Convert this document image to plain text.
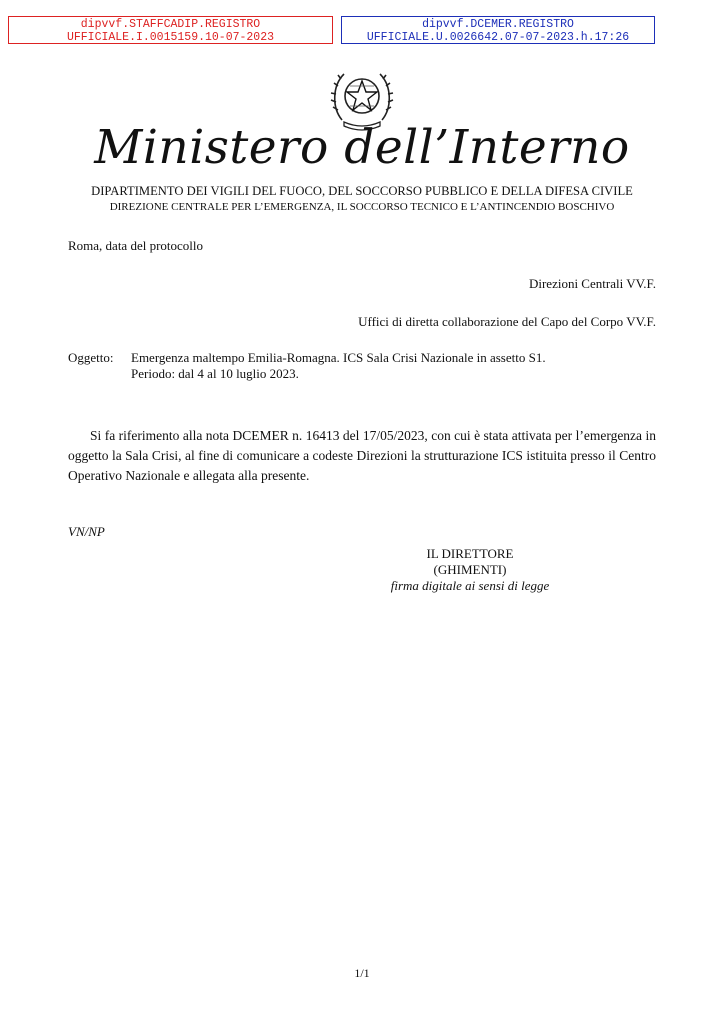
dipvvf.STAFFCADIP.REGISTRO
UFFICIALE.I.0015159.10-07-2023
dipvvf.DCEMER.REGISTRO
UFFICIALE.U.0026642.07-07-2023.h.17:26
Ministero dell’Interno
DIPARTIMENTO DEI VIGILI DEL FUOCO, DEL SOCCORSO PUBBLICO E DELLA DIFESA CIVILE
DIREZIONE CENTRALE PER L’EMERGENZA, IL SOCCORSO TECNICO E L’ANTINCENDIO BOSCHIVO
Roma, data del protocollo
Direzioni Centrali VV.F.
Uffici di diretta collaborazione del Capo del Corpo VV.F.
Oggetto: Emergenza maltempo Emilia-Romagna. ICS Sala Crisi Nazionale in assetto S1.
Periodo: dal 4 al 10 luglio 2023.

Si fa riferimento alla nota DCEMER n. 16413 del 17/05/2023, con cui è stata attivata per l’emergenza in oggetto la Sala Crisi, al fine di comunicare a codeste Direzioni la strutturazione ICS istituita presso il Centro Operativo Nazionale e allegata alla presente.

VN/NP
IL DIRETTORE
(GHIMENTI)
firma digitale ai sensi di legge
1/1
